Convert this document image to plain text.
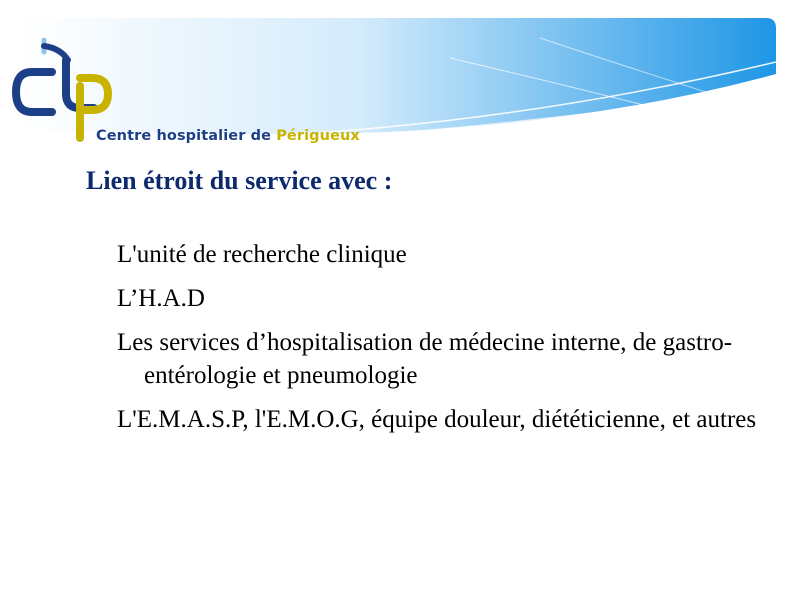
Centre hospitalier de Périgueux
Lien étroit du service avec :
L'unité de recherche clinique
L’H.A.D
Les services d’hospitalisation de médecine interne, de gastro-entérologie et pneumologie
L'E.M.A.S.P, l'E.M.O.G, équipe douleur, diététicienne, et autres
